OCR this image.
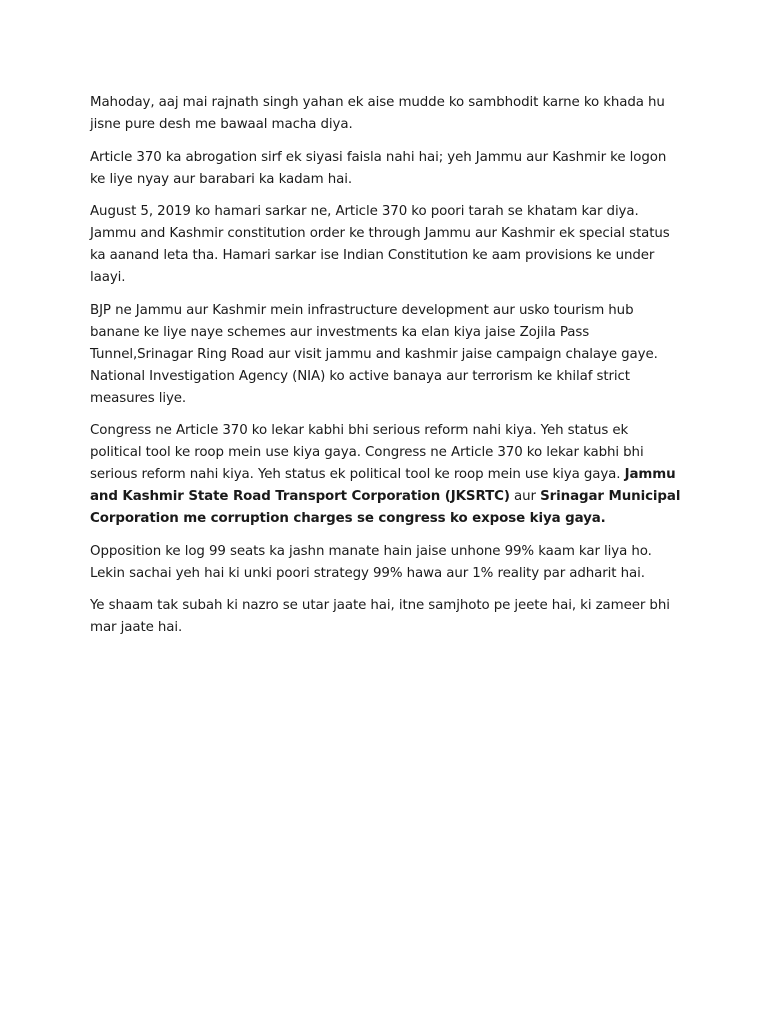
Mahoday, aaj mai rajnath singh yahan ek aise mudde ko sambhodit karne ko khada hu jisne pure desh me bawaal macha diya.

Article 370 ka abrogation sirf ek siyasi faisla nahi hai; yeh Jammu aur Kashmir ke logon ke liye nyay aur barabari ka kadam hai.

August 5, 2019 ko hamari sarkar ne, Article 370 ko poori tarah se khatam kar diya. Jammu and Kashmir constitution order ke through Jammu aur Kashmir ek special status ka aanand leta tha. Hamari sarkar ise Indian Constitution ke aam provisions ke under laayi.

BJP ne Jammu aur Kashmir mein infrastructure development aur usko tourism hub banane ke liye naye schemes aur investments ka elan kiya jaise Zojila Pass Tunnel,Srinagar Ring Road aur visit jammu and kashmir jaise campaign chalaye gaye. National Investigation Agency (NIA) ko active banaya aur terrorism ke khilaf strict measures liye.

Congress ne Article 370 ko lekar kabhi bhi serious reform nahi kiya. Yeh status ek political tool ke roop mein use kiya gaya. Congress ne Article 370 ko lekar kabhi bhi serious reform nahi kiya. Yeh status ek political tool ke roop mein use kiya gaya. Jammu and Kashmir State Road Transport Corporation (JKSRTC) aur Srinagar Municipal Corporation me corruption charges se congress ko expose kiya gaya.

Opposition ke log 99 seats ka jashn manate hain jaise unhone 99% kaam kar liya ho. Lekin sachai yeh hai ki unki poori strategy 99% hawa aur 1% reality par adharit hai.

Ye shaam tak subah ki nazro se utar jaate hai, itne samjhoto pe jeete hai, ki zameer bhi mar jaate hai.
